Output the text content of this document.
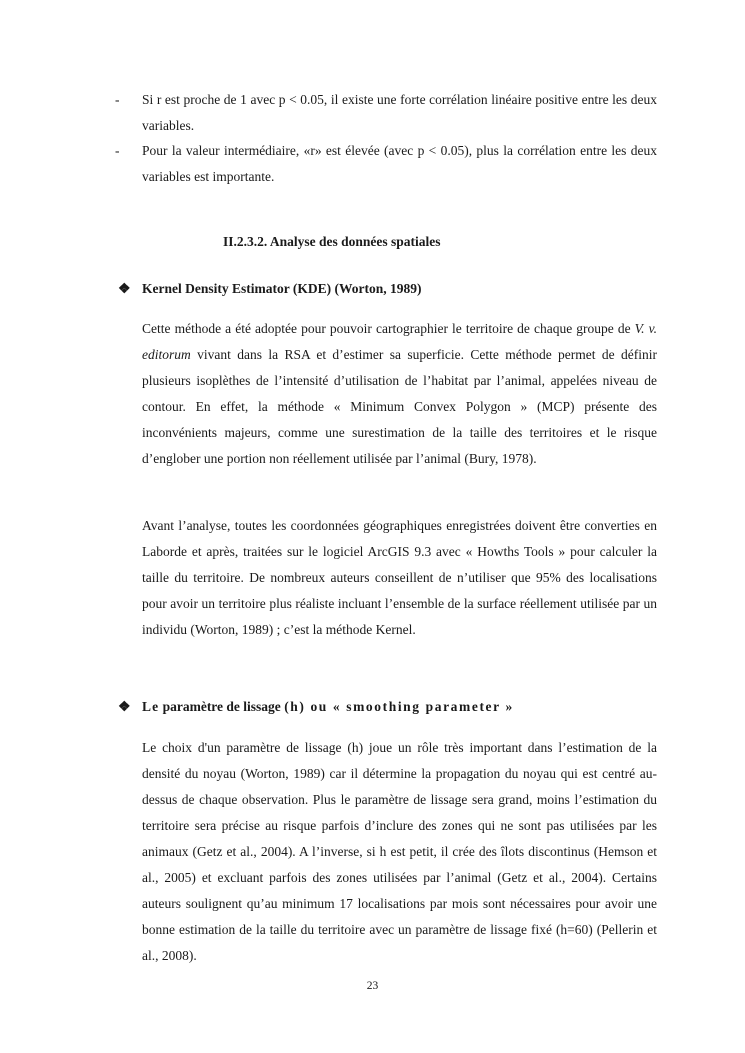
- Si r est proche de 1 avec p < 0.05, il existe une forte corrélation linéaire positive entre les deux variables.
- Pour la valeur intermédiaire, «r» est élevée (avec p < 0.05), plus la corrélation entre les deux variables est importante.
II.2.3.2. Analyse des données spatiales
❖ Kernel Density Estimator (KDE) (Worton, 1989)
Cette méthode a été adoptée pour pouvoir cartographier le territoire de chaque groupe de V. v. editorum vivant dans la RSA et d’estimer sa superficie. Cette méthode permet de définir plusieurs isoplèthes de l’intensité d’utilisation de l’habitat par l’animal, appelées niveau de contour. En effet, la méthode « Minimum Convex Polygon » (MCP) présente des inconvénients majeurs, comme une surestimation de la taille des territoires et le risque d’englober une portion non réellement utilisée par l’animal (Bury, 1978).
Avant l’analyse, toutes les coordonnées géographiques enregistrées doivent être converties en Laborde et après, traitées sur le logiciel ArcGIS 9.3 avec « Howths Tools » pour calculer la taille du territoire. De nombreux auteurs conseillent de n’utiliser que 95% des localisations pour avoir un territoire plus réaliste incluant l’ensemble de la surface réellement utilisée par un individu (Worton, 1989) ; c’est la méthode Kernel.
❖ Le paramètre de lissage (h) ou « smoothing parameter »
Le choix d'un paramètre de lissage (h) joue un rôle très important dans l’estimation de la densité du noyau (Worton, 1989) car il détermine la propagation du noyau qui est centré au-dessus de chaque observation. Plus le paramètre de lissage sera grand, moins l’estimation du territoire sera précise au risque parfois d’inclure des zones qui ne sont pas utilisées par les animaux (Getz et al., 2004). A l’inverse, si h est petit, il crée des îlots discontinus (Hemson et al., 2005) et excluant parfois des zones utilisées par l’animal (Getz et al., 2004). Certains auteurs soulignent qu’au minimum 17 localisations par mois sont nécessaires pour avoir une bonne estimation de la taille du territoire avec un paramètre de lissage fixé (h=60) (Pellerin et al., 2008).
23
